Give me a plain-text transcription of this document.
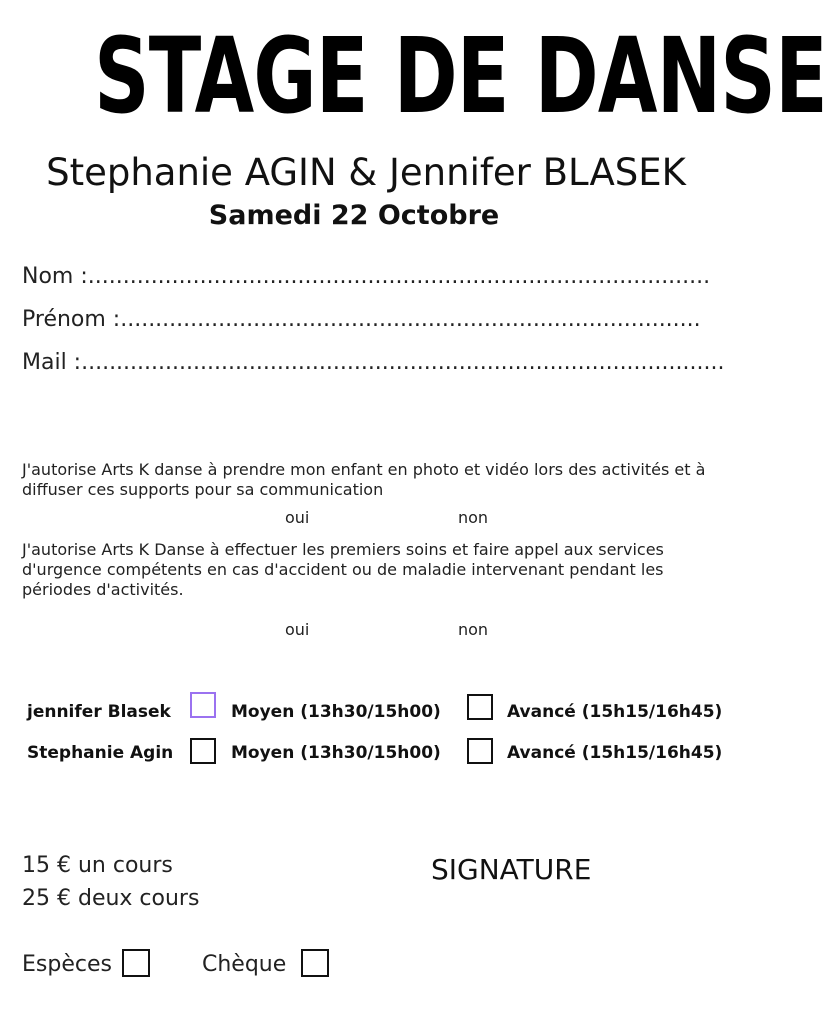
STAGE DE DANSE
Stephanie AGIN & Jennifer BLASEK
Samedi 22 Octobre
Nom :.........................................................................................
Prénom :...................................................................................
Mail :............................................................................................
J'autorise Arts K danse à prendre mon enfant en photo et vidéo lors des activités et à diffuser ces supports pour sa communication
oui	non
J'autorise Arts K Danse à effectuer les premiers soins et faire appel aux services d'urgence compétents en cas d'accident ou de maladie intervenant pendant les périodes d'activités.
oui	non
jennifer Blasek	Moyen (13h30/15h00)	Avancé (15h15/16h45)
Stephanie Agin	Moyen (13h30/15h00)	Avancé (15h15/16h45)
15 € un cours
25 € deux cours
SIGNATURE
Espèces	Chèque
